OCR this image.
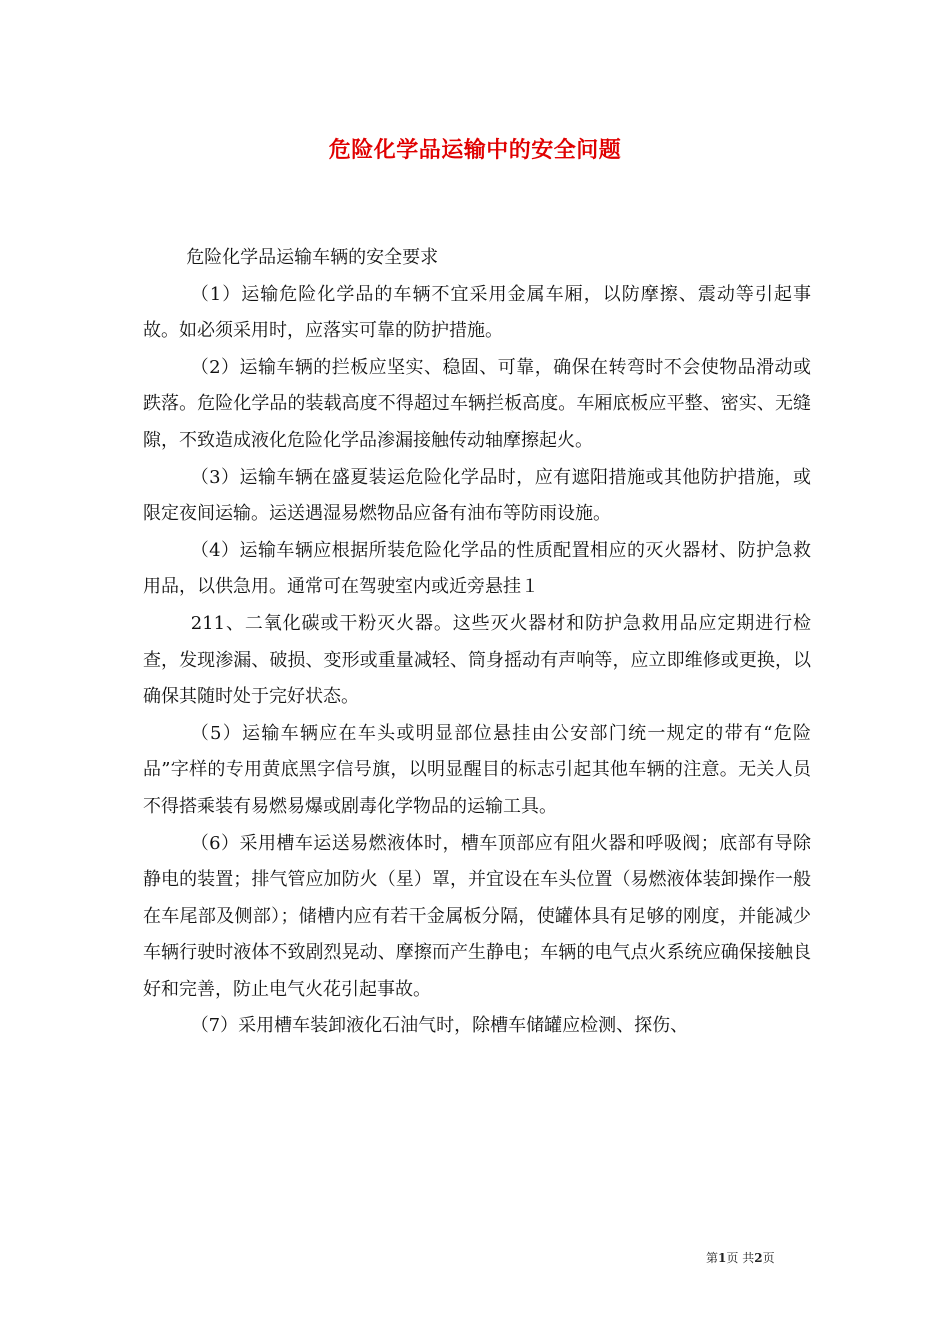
危险化学品运输中的安全问题

危险化学品运输车辆的安全要求

（1）运输危险化学品的车辆不宜采用金属车厢，以防摩擦、震动等引起事故。如必须采用时，应落实可靠的防护措施。

（2）运输车辆的拦板应坚实、稳固、可靠，确保在转弯时不会使物品滑动或跌落。危险化学品的装载高度不得超过车辆拦板高度。车厢底板应平整、密实、无缝隙，不致造成液化危险化学品渗漏接触传动轴摩擦起火。

（3）运输车辆在盛夏装运危险化学品时，应有遮阳措施或其他防护措施，或限定夜间运输。运送遇湿易燃物品应备有油布等防雨设施。

（4）运输车辆应根据所装危险化学品的性质配置相应的灭火器材、防护急救用品，以供急用。通常可在驾驶室内或近旁悬挂１

211、二氧化碳或干粉灭火器。这些灭火器材和防护急救用品应定期进行检查，发现渗漏、破损、变形或重量减轻、筒身摇动有声响等，应立即维修或更换，以确保其随时处于完好状态。

（5）运输车辆应在车头或明显部位悬挂由公安部门统一规定的带有“危险品”字样的专用黄底黑字信号旗，以明显醒目的标志引起其他车辆的注意。无关人员不得搭乘装有易燃易爆或剧毒化学物品的运输工具。

（6）采用槽车运送易燃液体时，槽车顶部应有阻火器和呼吸阀；底部有导除静电的装置；排气管应加防火（星）罩，并宜设在车头位置（易燃液体装卸操作一般在车尾部及侧部）；储槽内应有若干金属板分隔，使罐体具有足够的刚度，并能减少车辆行驶时液体不致剧烈晃动、摩擦而产生静电；车辆的电气点火系统应确保接触良好和完善，防止电气火花引起事故。

（7）采用槽车装卸液化石油气时，除槽车储罐应检测、探伤、

第1页 共2页
